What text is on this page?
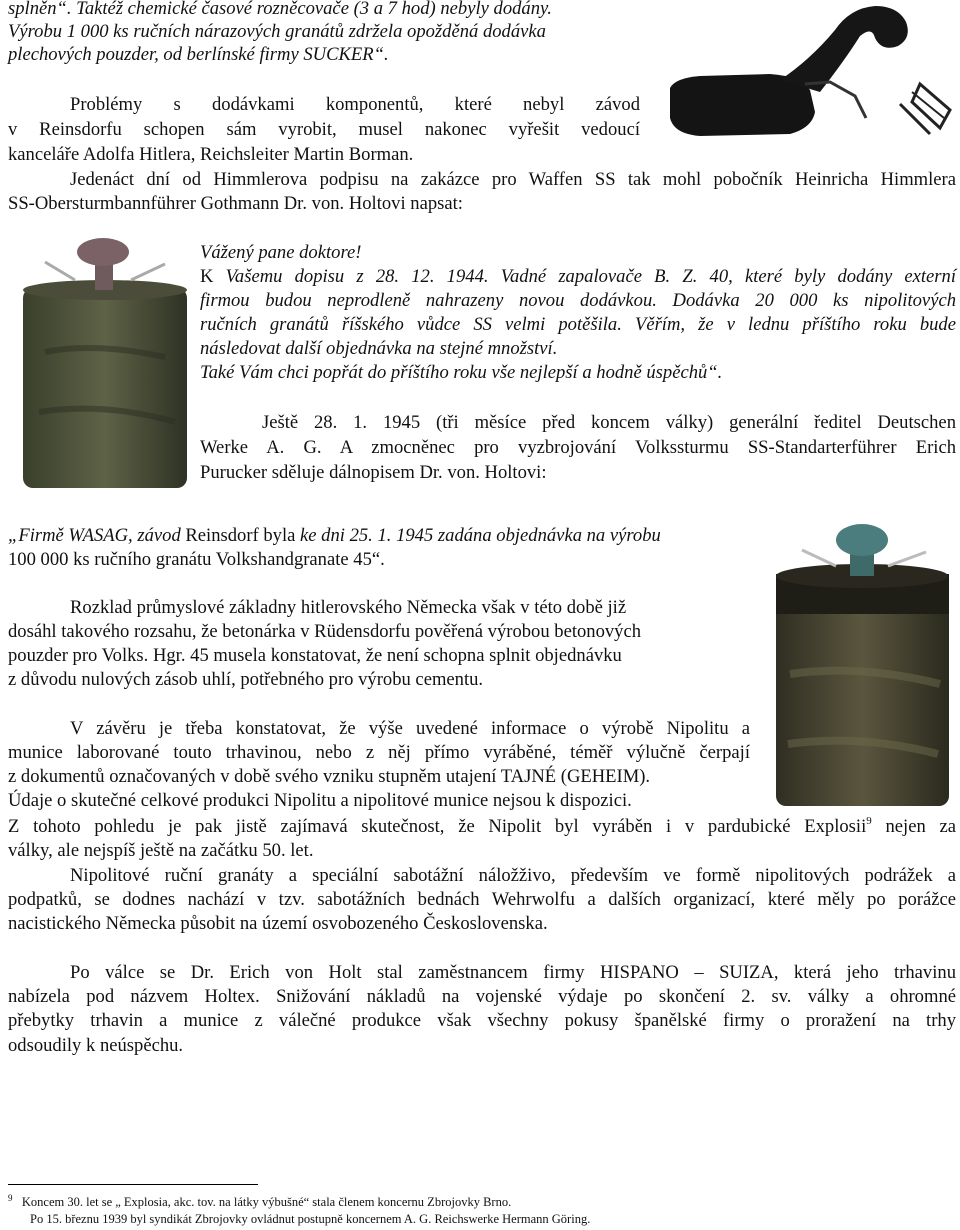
splněn“. Taktéž chemické časové rozněcovače (3 a 7 hod) nebyly dodány.
Výrobu 1 000 ks ručních nárazových granátů zdržela opožděná dodávka
plechových pouzder, od berlínské firmy SUCKER“.
Problémy s dodávkami komponentů, které nebyl závod
v Reinsdorfu schopen sám vyrobit, musel nakonec vyřešit vedoucí
kanceláře Adolfa Hitlera, Reichsleiter Martin Borman.
Jedenáct dní od Himmlerova podpisu na zakázce pro Waffen SS tak mohl pobočník Heinricha Himmlera
SS-Obersturmbannführer Gothmann Dr. von. Holtovi napsat:
Vážený pane doktore!
K Vašemu dopisu z 28. 12. 1944. Vadné zapalovače B. Z. 40, které byly dodány externí
firmou budou neprodleně nahrazeny novou dodávkou. Dodávka 20 000 ks nipolitových
ručních granátů říšského vůdce SS velmi potěšila. Věřím, že v lednu příštího roku bude
následovat další objednávka na stejné množství.
Také Vám chci popřát do příštího roku vše nejlepší a hodně úspěchů“.
Ještě 28. 1. 1945 (tři měsíce před koncem války) generální ředitel Deutschen
Werke A. G. A zmocněnec pro vyzbrojování Volkssturmu SS-Standarterführer Erich
Purucker sděluje dálnopisem Dr. von. Holtovi:
„Firmě WASAG, závod Reinsdorf byla ke dni 25. 1. 1945 zadána objednávka na výrobu
100 000 ks ručního granátu Volkshandgranate 45“.
Rozklad průmyslové základny hitlerovského Německa však v této době již
dosáhl takového rozsahu, že betonárka v Rüdensdorfu pověřená výrobou betonových
pouzder pro Volks. Hgr. 45 musela konstatovat, že není schopna splnit objednávku
z důvodu nulových zásob uhlí, potřebného pro výrobu cementu.
V závěru je třeba konstatovat, že výše uvedené informace o výrobě Nipolitu a
munice laborované touto trhavinou, nebo z něj přímo vyráběné, téměř výlučně čerpají
z dokumentů označovaných v době svého vzniku stupněm utajení TAJNÉ (GEHEIM).
Údaje o skutečné celkové produkci Nipolitu a nipolitové munice nejsou k dispozici.
Z tohoto pohledu je pak jistě zajímavá skutečnost, že Nipolit byl vyráběn i v pardubické Explosii$^9$ nejen za
války, ale nejspíš ještě na začátku 50. let.
Nipolitové ruční granáty a speciální sabotážní náložživo, především ve formě nipolitových podrážek a
podpatků, se dodnes nachází v tzv. sabotážních bednách Wehrwolfu a dalších organizací, které měly po porážce
nacistického Německa působit na území osvobozeného Československa.
Po válce se Dr. Erich von Holt stal zaměstnancem firmy HISPANO – SUIZA, která jeho trhavinu
nabízela pod názvem Holtex. Snižování nákladů na vojenské výdaje po skončení 2. sv. války a ohromné
přebytky trhavin a munice z válečné produkce však všechny pokusy španělské firmy o proražení na trhy
odsoudily k neúspěchu.
$^9$ Koncem 30. let se „ Explosia, akc. tov. na látky výbušné“ stala členem koncernu Zbrojovky Brno.
Po 15. březnu 1939 byl syndikát Zbrojovky ovládnut postupně koncernem A. G. Reichswerke Hermann Göring.
